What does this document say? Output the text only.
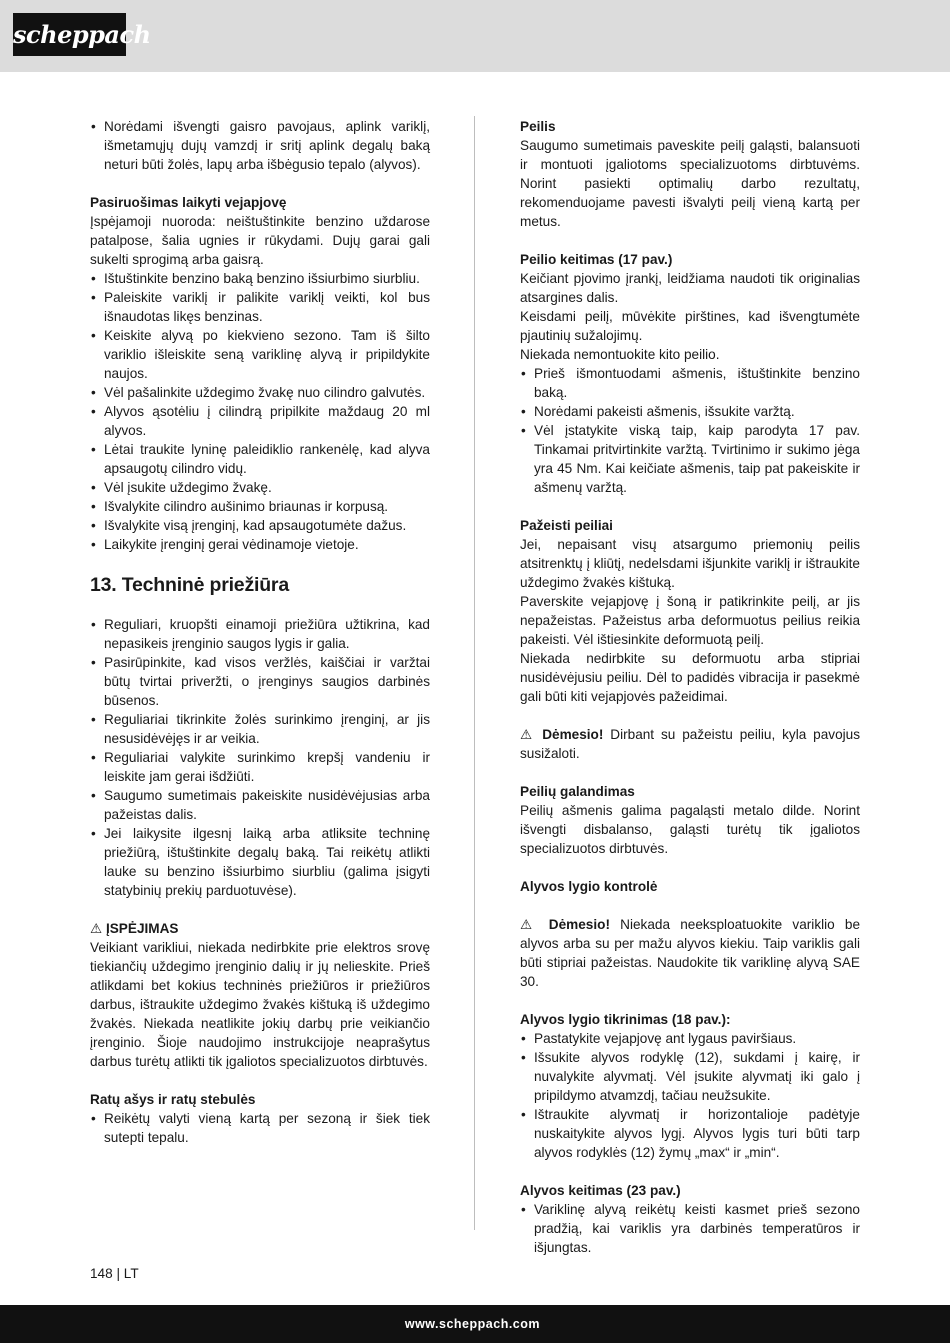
scheppach
• Norėdami išvengti gaisro pavojaus, aplink variklį, išmetamųjų dujų vamzdį ir sritį aplink degalų baką neturi būti žolės, lapų arba išbėgusio tepalo (alyvos).
Pasiruošimas laikyti vejapjovę

Įspėjamoji nuoroda: neištuštinkite benzino uždarose patalpose, šalia ugnies ir rūkydami. Dujų garai gali sukelti sprogimą arba gaisrą.

• Ištuštinkite benzino baką benzino išsiurbimo siurbliu.
• Paleiskite variklį ir palikite variklį veikti, kol bus išnaudotas likęs benzinas.
• Keiskite alyvą po kiekvieno sezono. Tam iš šilto variklio išleiskite seną variklinę alyvą ir pripildykite naujos.
• Vėl pašalinkite uždegimo žvakę nuo cilindro galvutės.
• Alyvos ąsotėliu į cilindrą pripilkite maždaug 20 ml alyvos.
• Lėtai traukite lyninę paleidiklio rankenėlę, kad alyva apsaugotų cilindro vidų.
• Vėl įsukite uždegimo žvakę.
• Išvalykite cilindro aušinimo briaunas ir korpusą.
• Išvalykite visą įrenginį, kad apsaugotumėte dažus.
• Laikykite įrenginį gerai vėdinamoje vietoje.
13. Techninė priežiūra
• Reguliari, kruopšti einamoji priežiūra užtikrina, kad nepasikeis įrenginio saugos lygis ir galia.
• Pasirūpinkite, kad visos veržlės, kaiščiai ir varžtai būtų tvirtai priveržti, o įrenginys saugios darbinės būsenos.
• Reguliariai tikrinkite žolės surinkimo įrenginį, ar jis nesusidėvėjęs ir ar veikia.
• Reguliariai valykite surinkimo krepšį vandeniu ir leiskite jam gerai išdžiūti.
• Saugumo sumetimais pakeiskite nusidėvėjusias arba pažeistas dalis.
• Jei laikysite ilgesnį laiką arba atliksite techninę priežiūrą, ištuštinkite degalų baką. Tai reikėtų atlikti lauke su benzino išsiurbimo siurbliu (galima įsigyti statybinių prekių parduotuvėse).
⚠ ĮSPĖJIMAS

Veikiant varikliui, niekada nedirbkite prie elektros srovę tiekiančių uždegimo įrenginio dalių ir jų nelieskite. Prieš atlikdami bet kokius techninės priežiūros ir priežiūros darbus, ištraukite uždegimo žvakės kištuką iš uždegimo žvakės. Niekada neatlikite jokių darbų prie veikiančio įrenginio. Šioje naudojimo instrukcijoje neaprašytus darbus turėtų atlikti tik įgaliotos specializuotos dirbtuvės.

Ratų ašys ir ratų stebulės
• Reikėtų valyti vieną kartą per sezoną ir šiek tiek sutepti tepalu.
Peilis

Saugumo sumetimais paveskite peilį galąsti, balansuoti ir montuoti įgaliotoms specializuotoms dirbtuvėms. Norint pasiekti optimalių darbo rezultatų, rekomenduojame pavesti išvalyti peilį vieną kartą per metus.

Peilio keitimas (17 pav.)

Keičiant pjovimo įrankį, leidžiama naudoti tik originalias atsargines dalis.

Keisdami peilį, mūvėkite pirštines, kad išvengtumėte pjautinių sužalojimų.

Niekada nemontuokite kito peilio.

• Prieš išmontuodami ašmenis, ištuštinkite benzino baką.
• Norėdami pakeisti ašmenis, išsukite varžtą.
• Vėl įstatykite viską taip, kaip parodyta 17 pav. Tinkamai pritvirtinkite varžtą. Tvirtinimo ir sukimo jėga yra 45 Nm. Kai keičiate ašmenis, taip pat pakeiskite ir ašmenų varžtą.
Pažeisti peiliai

Jei, nepaisant visų atsargumo priemonių peilis atsitrenktų į kliūtį, nedelsdami išjunkite variklį ir ištraukite uždegimo žvakės kištuką.

Paverskite vejapjovę į šoną ir patikrinkite peilį, ar jis nepažeistas. Pažeistus arba deformuotus peilius reikia pakeisti. Vėl ištiesinkite deformuotą peilį.

Niekada nedirbkite su deformuotu arba stipriai nusidėvėjusiu peiliu. Dėl to padidės vibracija ir pasekmė gali būti kiti vejapjovės pažeidimai.

⚠ Dėmesio! Dirbant su pažeistu peiliu, kyla pavojus susižaloti.

Peilių galandimas

Peilių ašmenis galima pagaląsti metalo dilde. Norint išvengti disbalanso, galąsti turėtų tik įgaliotos specializuotos dirbtuvės.

Alyvos lygio kontrolė

⚠ Dėmesio! Niekada neeksploatuokite variklio be alyvos arba su per mažu alyvos kiekiu. Taip variklis gali būti stipriai pažeistas. Naudokite tik variklinę alyvą SAE 30.

Alyvos lygio tikrinimas (18 pav.):
• Pastatykite vejapjovę ant lygaus paviršiaus.
• Išsukite alyvos rodyklę (12), sukdami į kairę, ir nuvalykite alyvmatį. Vėl įsukite alyvmatį iki galo į pripildymo atvamzdį, tačiau neužsukite.
• Ištraukite alyvmatį ir horizontalioje padėtyje nuskaitykite alyvos lygį. Alyvos lygis turi būti tarp alyvos rodyklės (12) žymų „max“ ir „min“.
Alyvos keitimas (23 pav.)
• Variklinę alyvą reikėtų keisti kasmet prieš sezono pradžią, kai variklis yra darbinės temperatūros ir išjungtas.
148 | LT
www.scheppach.com
